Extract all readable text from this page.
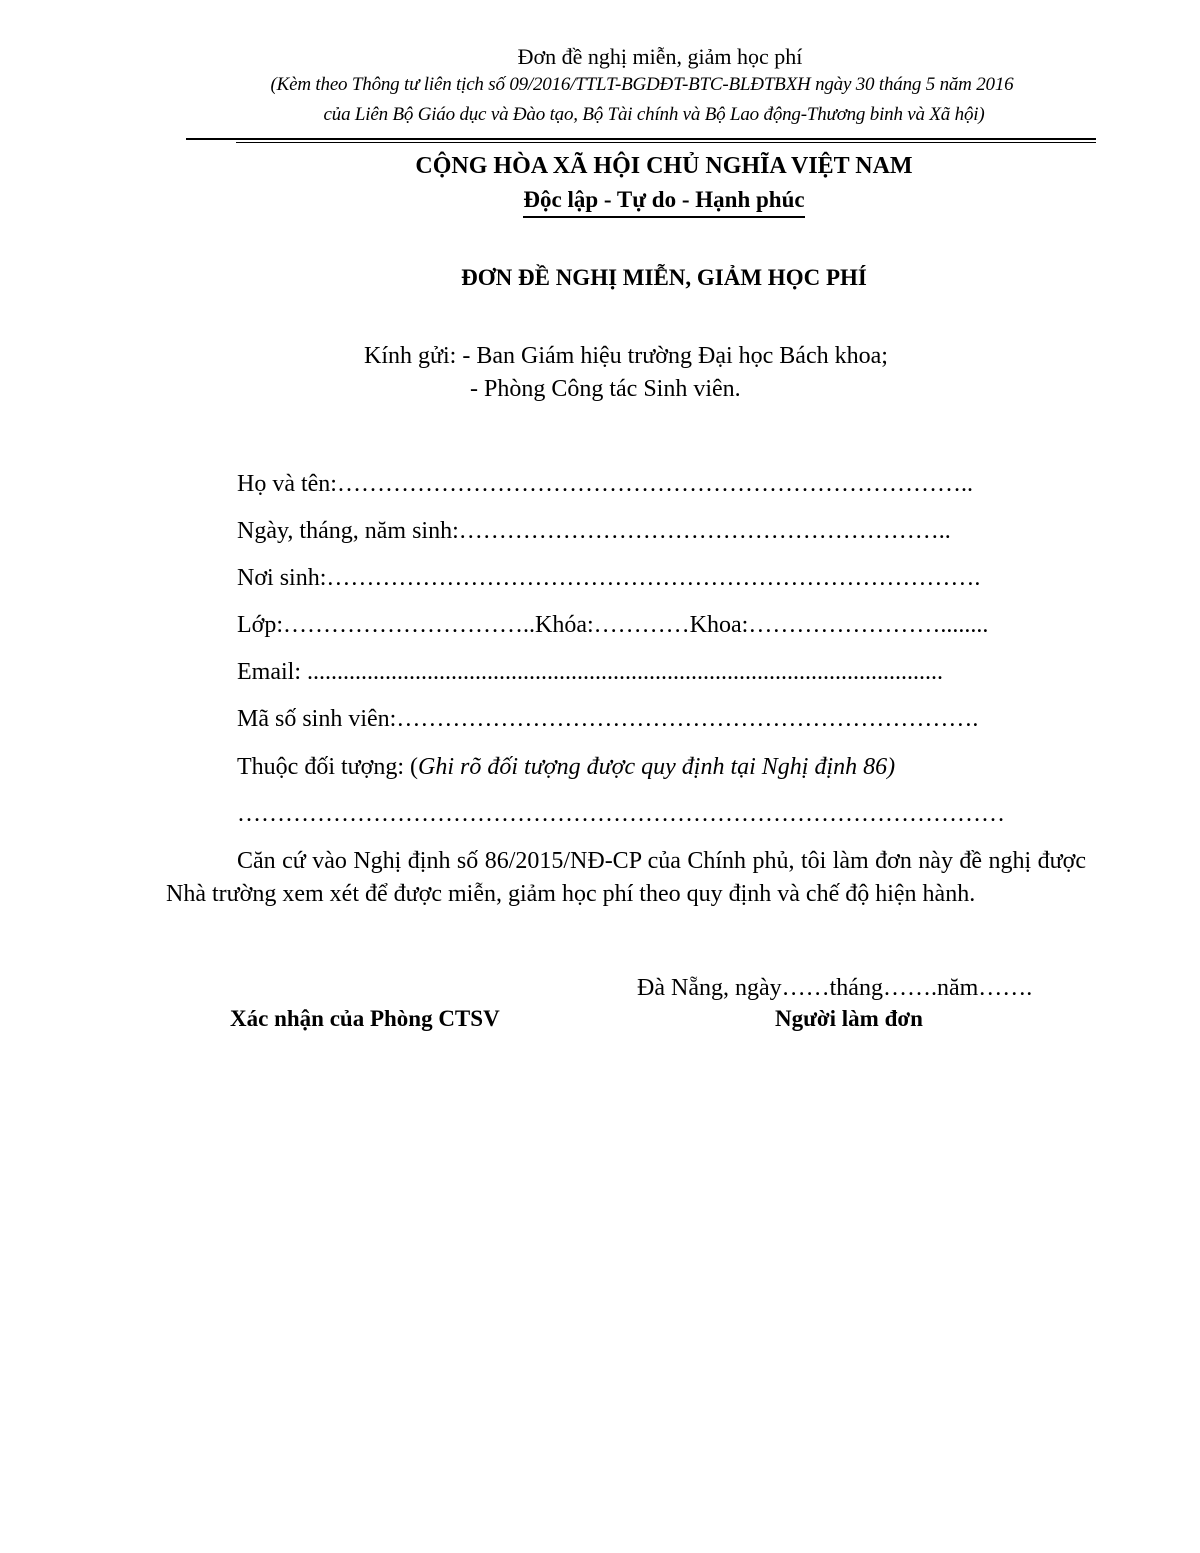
Đơn đề nghị miễn, giảm học phí
(Kèm theo Thông tư liên tịch số 09/2016/TTLT-BGDĐT-BTC-BLĐTBXH ngày 30 tháng 5 năm 2016
của Liên Bộ Giáo dục và Đào tạo, Bộ Tài chính và Bộ Lao động-Thương binh và Xã hội)
CỘNG HÒA XÃ HỘI CHỦ NGHĨA VIỆT NAM
Độc lập - Tự do - Hạnh phúc
ĐƠN ĐỀ NGHỊ MIỄN, GIẢM HỌC PHÍ
Kính gửi: - Ban Giám hiệu trường Đại học Bách khoa;
- Phòng Công tác Sinh viên.
Họ và tên:……………………………………………………………………..
Ngày, tháng, năm sinh:……………………………………………………..
Nơi sinh:……………………………………………………………………….
Lớp:…………………………..Khóa:…………Khoa:……………………........
Email: ..........................................................................................................
Mã số sinh viên:……………………………………………………………….
Thuộc đối tượng: (Ghi rõ đối tượng được quy định tại Nghị định 86)
……………………………………………………………………………………
Căn cứ vào Nghị định số 86/2015/NĐ-CP của Chính phủ, tôi làm đơn này đề nghị được Nhà trường xem xét để được miễn, giảm học phí theo quy định và chế độ hiện hành.
Đà Nẵng, ngày……tháng…….năm…….
Xác nhận của Phòng CTSV	Người làm đơn
